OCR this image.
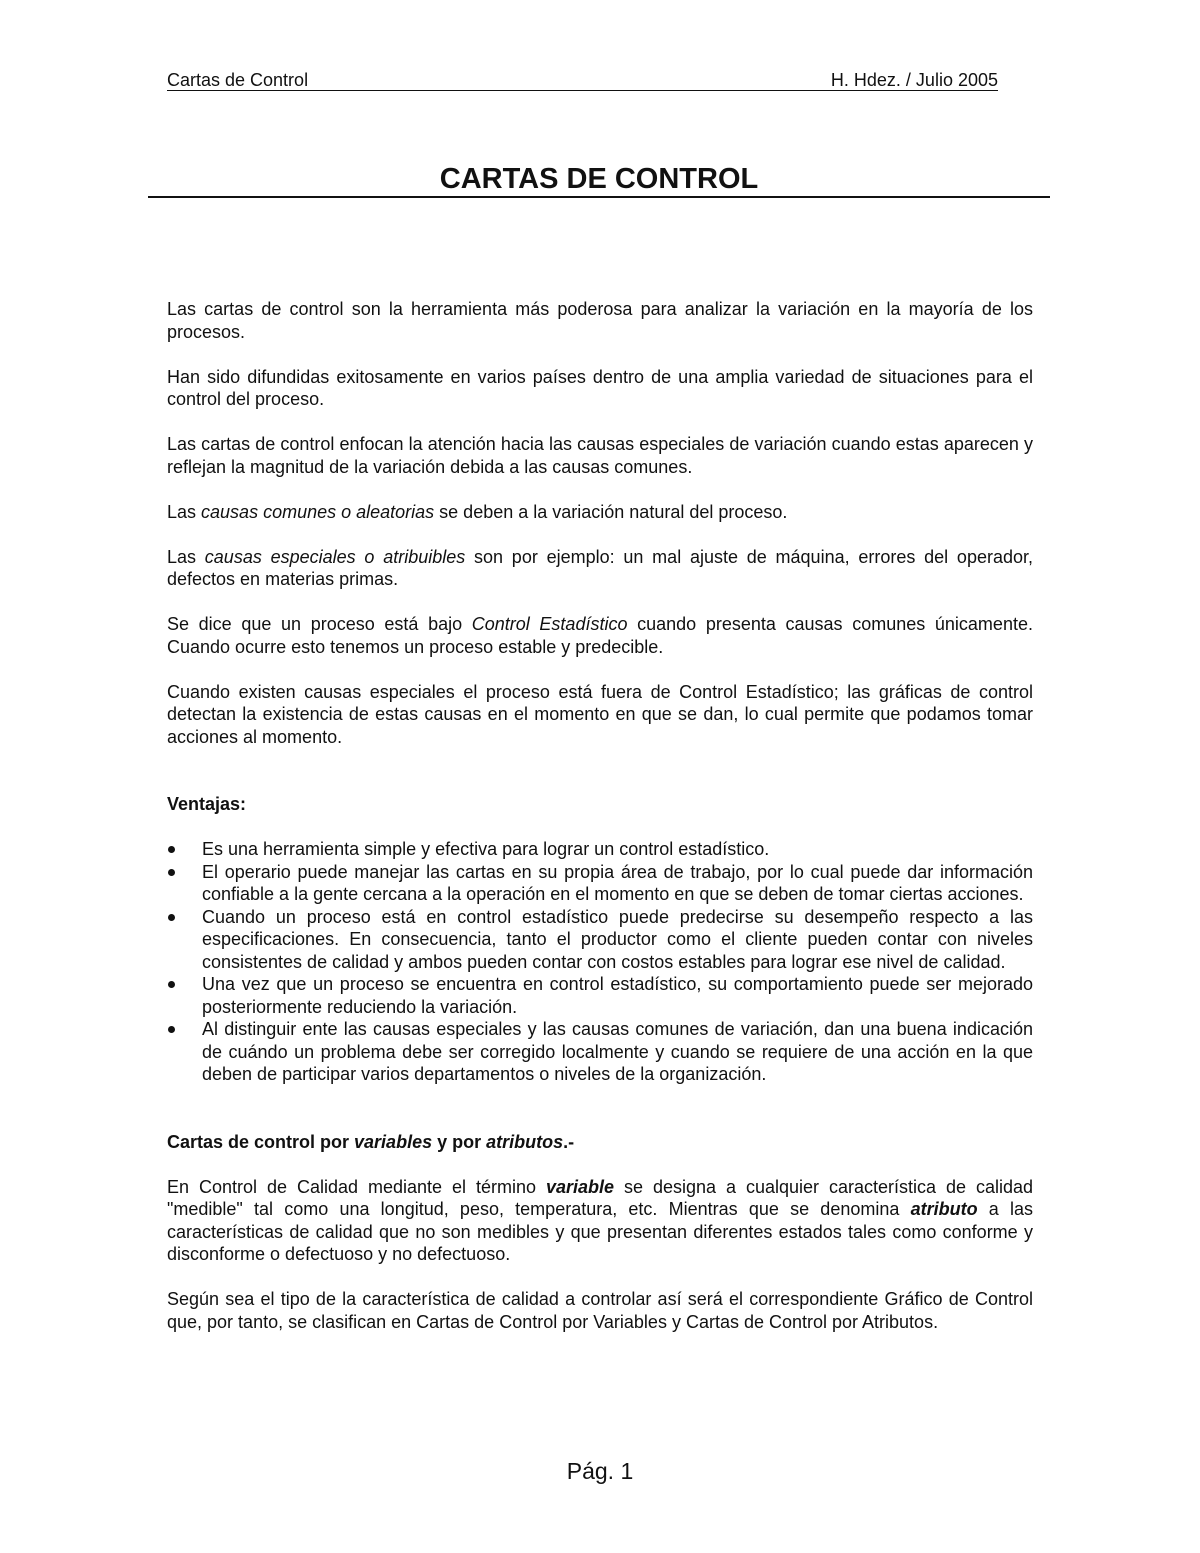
Cartas de Control	H. Hdez. / Julio 2005
CARTAS DE CONTROL

Las cartas de control son la herramienta más poderosa para analizar la variación en la mayoría de los procesos.

Han sido difundidas exitosamente en varios países dentro de una amplia variedad de situaciones para el control del proceso.

Las cartas de control enfocan la atención hacia las causas especiales de variación cuando estas aparecen y reflejan la magnitud de la variación debida a las causas comunes.

Las causas comunes o aleatorias se deben a la variación natural del proceso.

Las causas especiales o atribuibles son por ejemplo: un mal ajuste de máquina, errores del operador, defectos en materias primas.

Se dice que un proceso está bajo Control Estadístico cuando presenta causas comunes únicamente. Cuando ocurre esto tenemos un proceso estable y predecible.

Cuando existen causas especiales el proceso está fuera de Control Estadístico; las gráficas de control detectan la existencia de estas causas en el momento en que se dan, lo cual permite que podamos tomar acciones al momento.

Ventajas:
Es una herramienta simple y efectiva para lograr un control estadístico.
El operario puede manejar las cartas en su propia área de trabajo, por lo cual puede dar información confiable a la gente cercana a la operación en el momento en que se deben de tomar ciertas acciones.
Cuando un proceso está en control estadístico puede predecirse su desempeño respecto a las especificaciones. En consecuencia, tanto el productor como el cliente pueden contar con niveles consistentes de calidad y ambos pueden contar con costos estables para lograr ese nivel de calidad.
Una vez que un proceso se encuentra en control estadístico, su comportamiento puede ser mejorado posteriormente reduciendo la variación.
Al distinguir ente las causas especiales y las causas comunes de variación, dan una buena indicación de cuándo un problema debe ser corregido localmente y cuando se requiere de una acción en la que deben de participar varios departamentos o niveles de la organización.
Cartas de control por variables y por atributos.-

En Control de Calidad mediante el término variable se designa a cualquier característica de calidad "medible" tal como una longitud, peso, temperatura, etc. Mientras que se denomina atributo a las características de calidad que no son medibles y que presentan diferentes estados tales como conforme y disconforme o defectuoso y no defectuoso.

Según sea el tipo de la característica de calidad a controlar así será el correspondiente Gráfico de Control que, por tanto, se clasifican en Cartas de Control por Variables y Cartas de Control por Atributos.

Pág. 1
